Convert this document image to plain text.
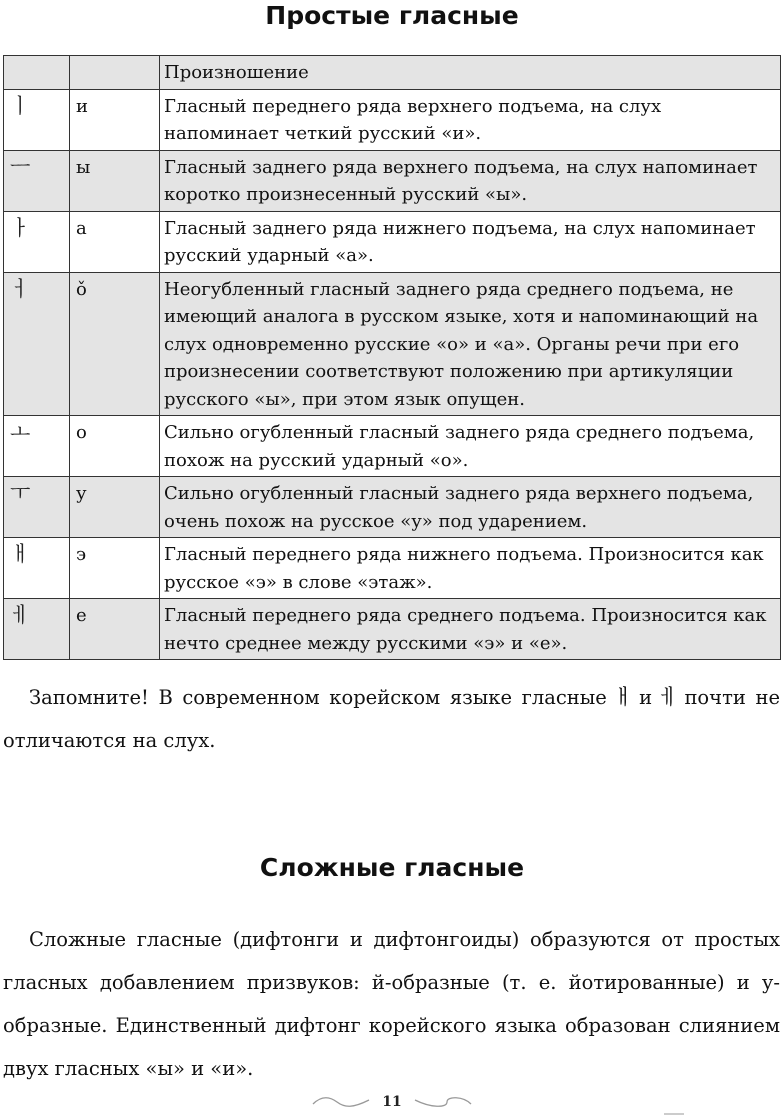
Простые гласные
		Произношение
ㅣ	и	Гласный переднего ряда верхнего подъема, на слух напоминает четкий русский «и».
ㅡ	ы	Гласный заднего ряда верхнего подъема, на слух напоминает коротко произнесенный русский «ы».
ㅏ	а	Гласный заднего ряда нижнего подъема, на слух напоминает русский ударный «а».
ㅓ	ǒ	Неогубленный гласный заднего ряда среднего подъема, не имеющий аналога в русском языке, хотя и напоминающий на слух одновременно русские «о» и «а». Органы речи при его произнесении соответствуют положению при артикуляции русского «ы», при этом язык опущен.
ㅗ	о	Сильно огубленный гласный заднего ряда среднего подъема, похож на русский ударный «о».
ㅜ	у	Сильно огубленный гласный заднего ряда верхнего подъема, очень похож на русское «у» под ударением.
ㅐ	э	Гласный переднего ряда нижнего подъема. Произносится как русское «э» в слове «этаж».
ㅔ	е	Гласный переднего ряда среднего подъема. Произносится как нечто среднее между русскими «э» и «е».
Запомните! В современном корейском языке гласные ㅐ и ㅔ почти не отличаются на слух.
Сложные гласные
Сложные гласные (дифтонги и дифтонгоиды) образуются от простых гласных добавлением призвуков: й-образные (т. е. йотированные) и у-образные. Единственный дифтонг корейского языка образован слиянием двух гласных «ы» и «и».
11
